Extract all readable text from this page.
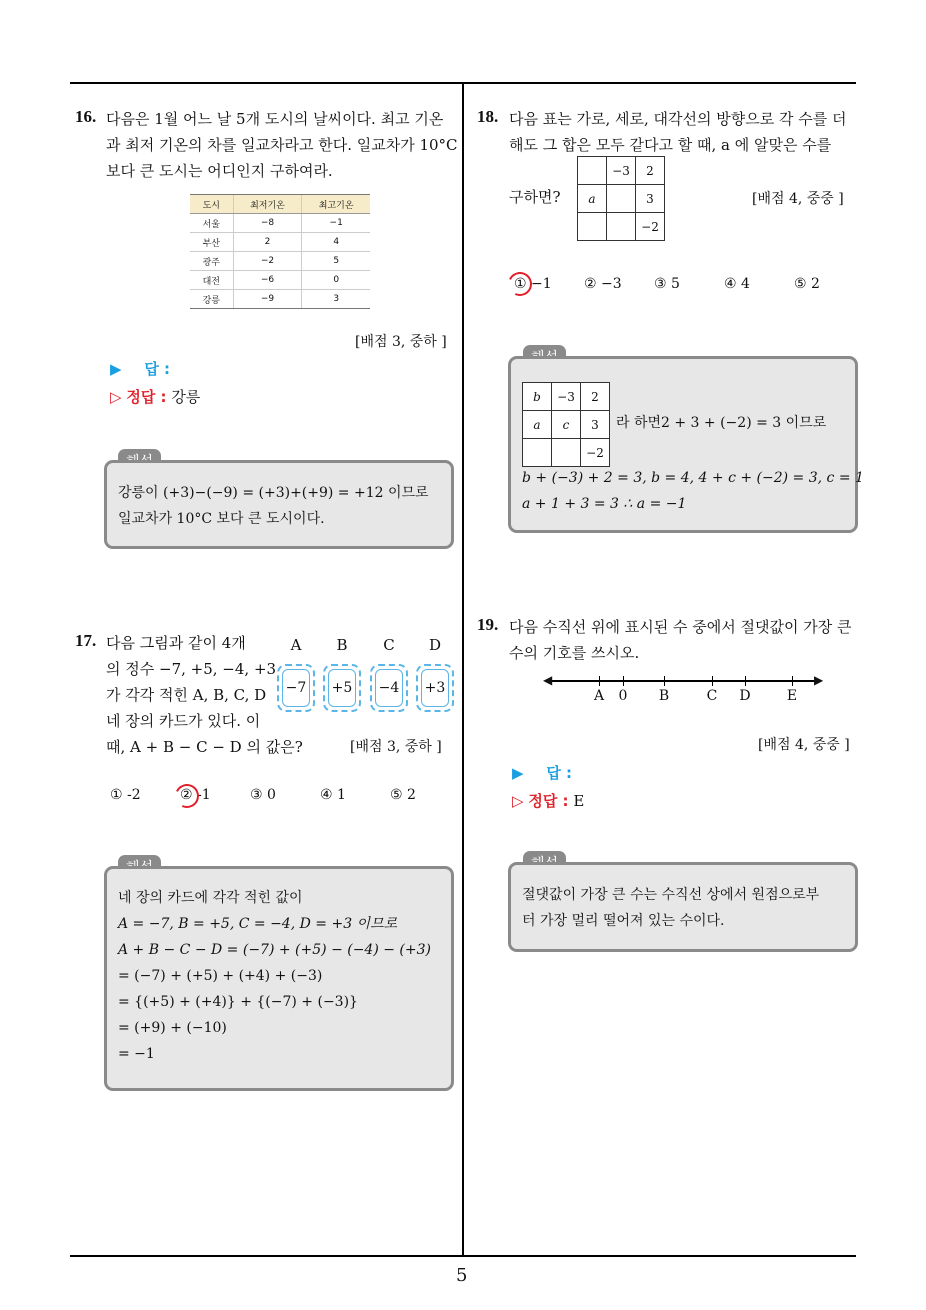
5
16. 다음은 1월 어느 날 5개 도시의 날씨이다. 최고 기온
과 최저 기온의 차를 일교차라고 한다. 일교차가 10°C
보다 큰 도시는 어디인지 구하여라.
도시	최저기온	최고기온
서울	−8	−1
부산	2	4
광주	−2	5
대전	−6	0
강릉	−9	3
[배점 3, 중하 ]
▶ 답 :
▷ 정답 : 강릉
강릉이 (+3)−(−9) = (+3)+(+9) = +12 이므로
일교차가 10°C 보다 큰 도시이다.
17. 다음 그림과 같이 4개
의 정수 −7, +5, −4, +3
가 각각 적힌 A, B, C, D
네 장의 카드가 있다. 이
때, A + B − C − D 의 값은?
A	B	C	D
−7 +5 −4 +3
[배점 3, 중하 ]
① -2	② -1	③ 0	④ 1	⑤ 2
네 장의 카드에 각각 적힌 값이
A = −7, B = +5, C = −4, D = +3 이므로
A + B − C − D = (−7) + (+5) − (−4) − (+3)
= (−7) + (+5) + (+4) + (−3)
= {(+5) + (+4)} + {(−7) + (−3)}
= (+9) + (−10)
= −1
18. 다음 표는 가로, 세로, 대각선의 방향으로 각 수를 더
해도 그 합은 모두 같다고 할 때, a 에 알맞은 수를
구하면?
	−3	2
a		3
		−2
[배점 4, 중중 ]
① −1 ② −3 ③ 5	④ 4	⑤ 2
b	−3	2
a	c	3
		−2
라 하면2 + 3 + (−2) = 3 이므로
b + (−3) + 2 = 3, b = 4, 4 + c + (−2) = 3, c = 1
a + 1 + 3 = 3 ∴ a = −1
19. 다음 수직선 위에 표시된 수 중에서 절댓값이 가장 큰
수의 기호를 쓰시오.
◀	▶
A 0 B	C D	E
[배점 4, 중중 ]
▶ 답 :
▷ 정답 : E
절댓값이 가장 큰 수는 수직선 상에서 원점으로부
터 가장 멀리 떨어져 있는 수이다.
